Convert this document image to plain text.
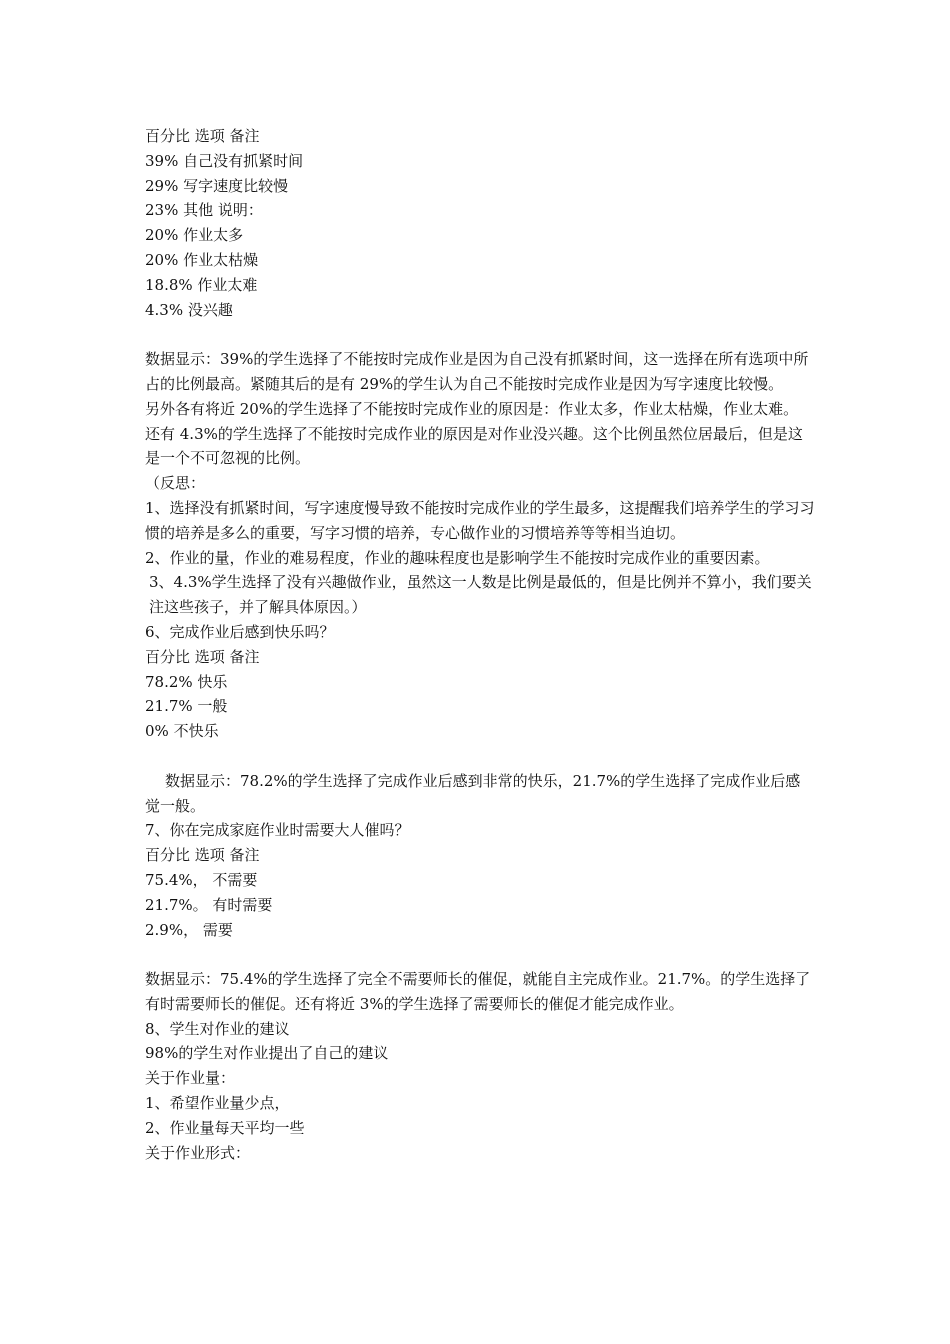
百分比 选项 备注
39% 自己没有抓紧时间
29% 写字速度比较慢
23% 其他 说明：
20% 作业太多
20% 作业太枯燥
18.8% 作业太难
4.3% 没兴趣
数据显示：39%的学生选择了不能按时完成作业是因为自己没有抓紧时间，这一选择在所有选项中所占的比例最高。紧随其后的是有 29%的学生认为自己不能按时完成作业是因为写字速度比较慢。
另外各有将近 20%的学生选择了不能按时完成作业的原因是：作业太多，作业太枯燥，作业太难。
还有 4.3%的学生选择了不能按时完成作业的原因是对作业没兴趣。这个比例虽然位居最后，但是这是一个不可忽视的比例。
（反思：
1、选择没有抓紧时间，写字速度慢导致不能按时完成作业的学生最多，这提醒我们培养学生的学习习惯的培养是多么的重要，写字习惯的培养，专心做作业的习惯培养等等相当迫切。
2、作业的量，作业的难易程度，作业的趣味程度也是影响学生不能按时完成作业的重要因素。
3、4.3%学生选择了没有兴趣做作业，虽然这一人数是比例是最低的，但是比例并不算小，我们要关注这些孩子，并了解具体原因。）
6、完成作业后感到快乐吗？
百分比 选项 备注
78.2% 快乐
21.7% 一般
0% 不快乐
数据显示：78.2%的学生选择了完成作业后感到非常的快乐，21.7%的学生选择了完成作业后感觉一般。
7、你在完成家庭作业时需要大人催吗？
百分比 选项 备注
75.4%， 不需要
21.7%。 有时需要
2.9%， 需要
数据显示：75.4%的学生选择了完全不需要师长的催促，就能自主完成作业。21.7%。的学生选择了有时需要师长的催促。还有将近 3%的学生选择了需要师长的催促才能完成作业。
8、学生对作业的建议
98%的学生对作业提出了自己的建议
关于作业量：
1、希望作业量少点，
2、作业量每天平均一些
关于作业形式：
